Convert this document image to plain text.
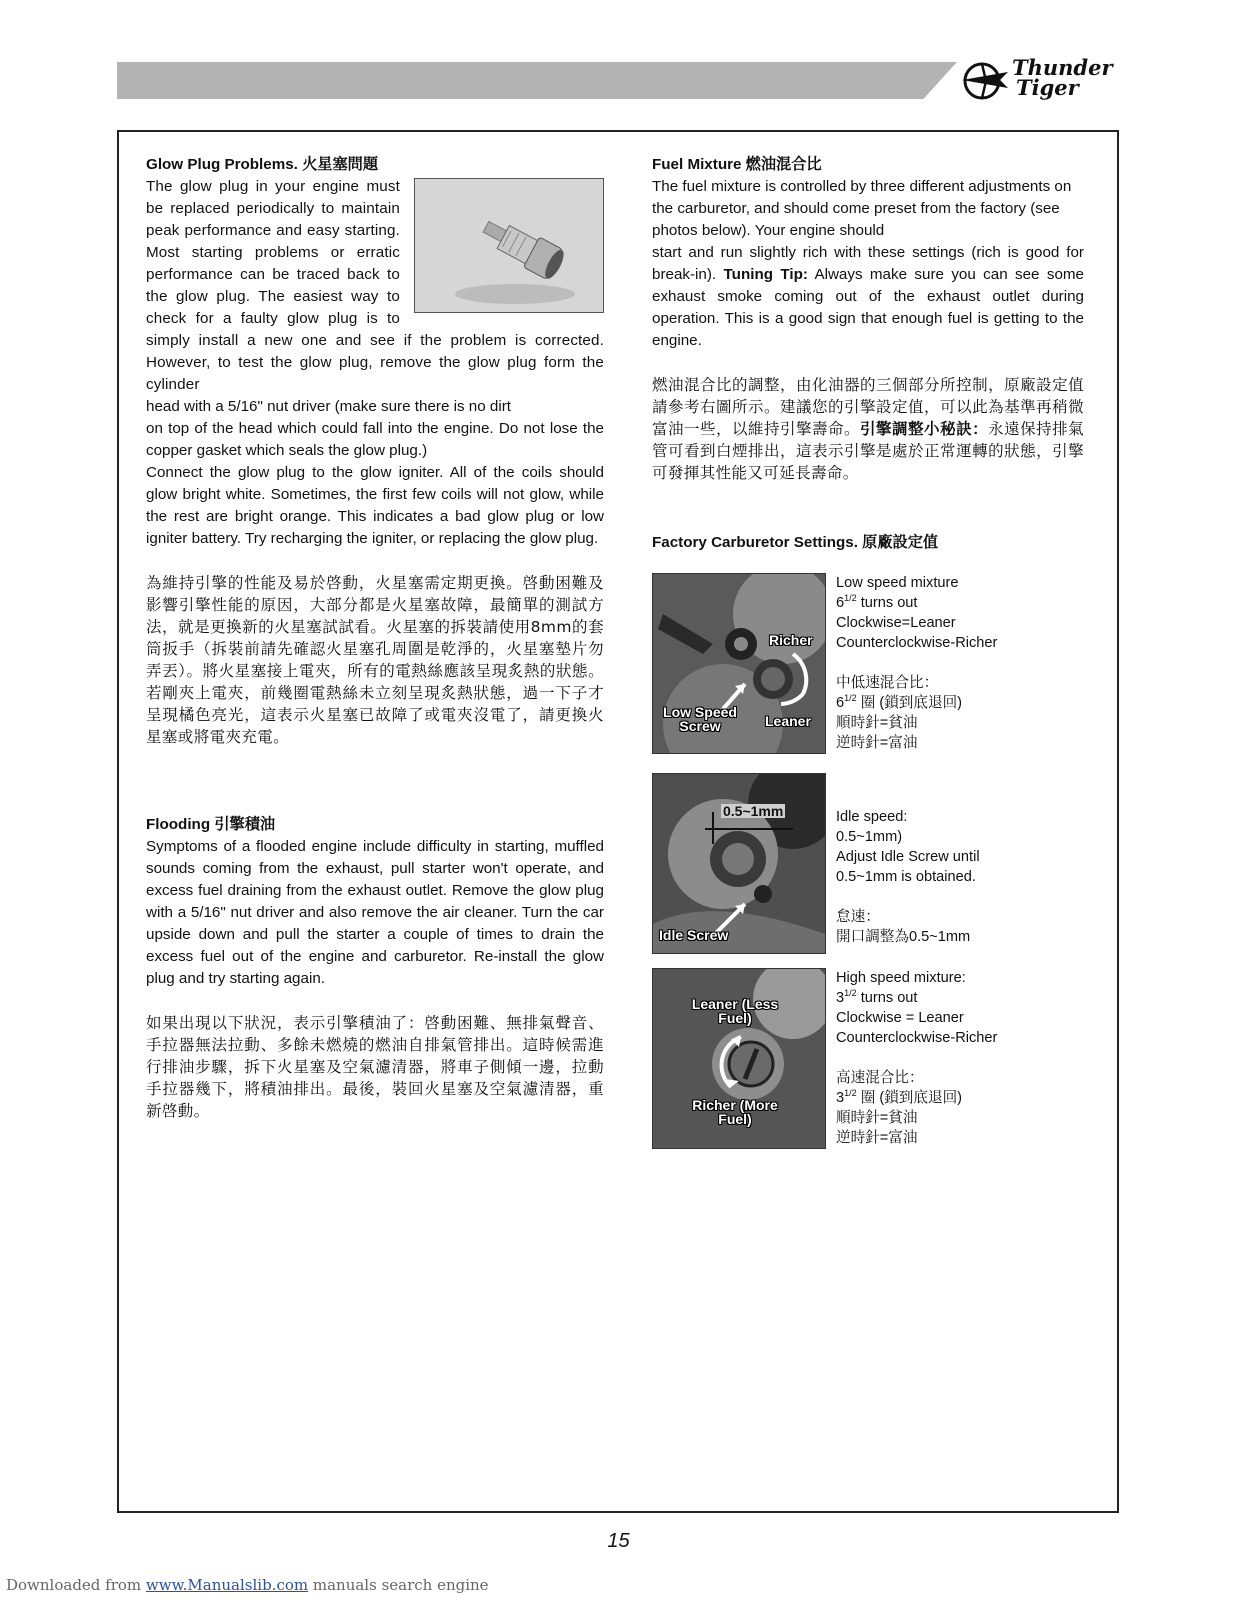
Thunder
Tiger
Glow Plug Problems. 火星塞問題

The glow plug in your engine must be replaced periodically to maintain peak performance and easy starting. Most starting problems or erratic performance can be traced back to the glow plug. The easiest way to check for a faulty glow plug is to simply install a new one and see if the problem is corrected. However, to test the glow plug, remove the glow plug form the cylinder

head with a 5/16" nut driver (make sure there is no dirt

on top of the head which could fall into the engine. Do not lose the copper gasket which seals the glow plug.)

Connect the glow plug to the glow igniter. All of the coils should glow bright white. Sometimes, the first few coils will not glow, while the rest are bright orange. This indicates a bad glow plug or low igniter battery. Try recharging the igniter, or replacing the glow plug.

為維持引擎的性能及易於啓動，火星塞需定期更換。啓動困難及影響引擎性能的原因，大部分都是火星塞故障，最簡單的測試方法，就是更換新的火星塞試試看。火星塞的拆裝請使用8mm的套筒扳手（拆裝前請先確認火星塞孔周圍是乾淨的，火星塞墊片勿弄丟）。將火星塞接上電夾，所有的電熱絲應該呈現炙熱的狀態。若剛夾上電夾，前幾圈電熱絲未立刻呈現炙熱狀態，過一下子才呈現橘色亮光，這表示火星塞已故障了或電夾沒電了，請更換火星塞或將電夾充電。

Flooding 引擎積油

Symptoms of a flooded engine include difficulty in starting, muffled sounds coming from the exhaust, pull starter won't operate, and excess fuel draining from the exhaust outlet. Remove the glow plug with a 5/16" nut driver and also remove the air cleaner. Turn the car upside down and pull the starter a couple of times to drain the excess fuel out of the engine and carburetor. Re-install the glow plug and try starting again.

如果出現以下狀況，表示引擎積油了：啓動困難、無排氣聲音、手拉器無法拉動、多餘未燃燒的燃油自排氣管排出。這時候需進行排油步驟，拆下火星塞及空氣濾清器，將車子側傾一邊，拉動手拉器幾下，將積油排出。最後，裝回火星塞及空氣濾清器，重新啓動。

Fuel Mixture 燃油混合比

The fuel mixture is controlled by three different adjustments on the carburetor, and should come preset from the factory (see photos below). Your engine should

start and run slightly rich with these settings (rich is good for break-in). Tuning Tip: Always make sure you can see some exhaust smoke coming out of the exhaust outlet during operation. This is a good sign that enough fuel is getting to the engine.

燃油混合比的調整，由化油器的三個部分所控制，原廠設定值請參考右圖所示。建議您的引擎設定值，可以此為基準再稍微富油一些，以維持引擎壽命。引擎調整小秘訣：永遠保持排氣管可看到白煙排出，這表示引擎是處於正常運轉的狀態，引擎可發揮其性能又可延長壽命。

Factory Carburetor Settings. 原廠設定值
Richer
Leaner
Low Speed Screw
Low speed mixture
$6^{1/2}$ turns out
Clockwise=Leaner
Counterclockwise-Richer
中低速混合比：
$6^{1/2}$ 圈 (鎖到底退回)
順時針=貧油
逆時針=富油
0.5~1mm
Idle Screw
Idle speed:
0.5~1mm)
Adjust Idle Screw until
0.5~1mm is obtained.
怠速：
開口調整為0.5~1mm
Leaner (Less Fuel)
Richer (More Fuel)
High speed mixture:
$3^{1/2}$ turns out
Clockwise = Leaner
Counterclockwise-Richer
高速混合比：
$3^{1/2}$ 圈 (鎖到底退回)
順時針=貧油
逆時針=富油
15
Downloaded from www.Manualslib.com manuals search engine
